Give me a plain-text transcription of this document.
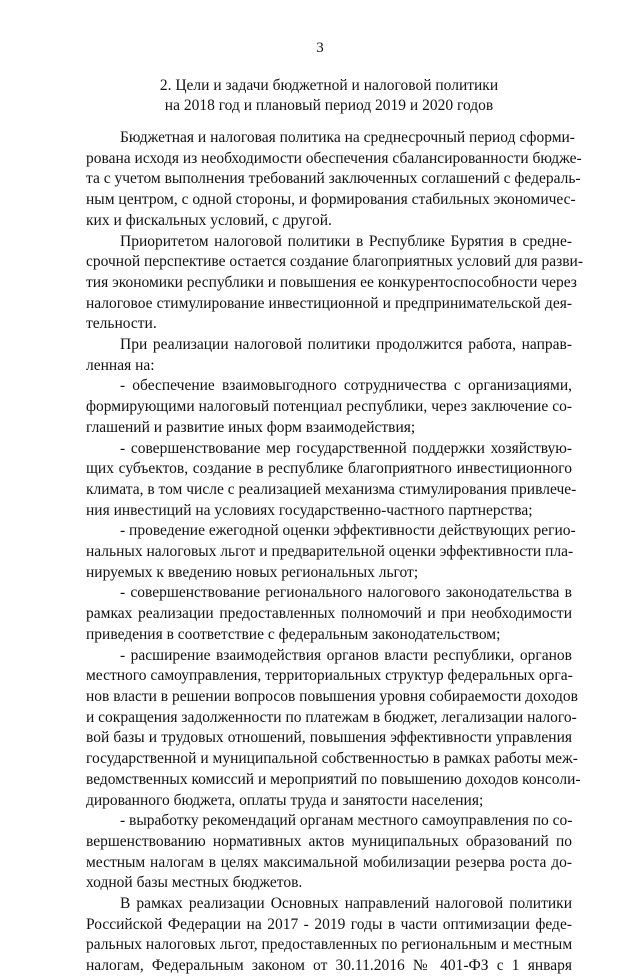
3
2. Цели и задачи бюджетной и налоговой политики
на 2018 год и плановый период 2019 и 2020 годов
Бюджетная и налоговая политика на среднесрочный период сформи-
рована исходя из необходимости обеспечения сбалансированности бюдже-
та с учетом выполнения требований заключенных соглашений с федераль-
ным центром, с одной стороны, и формирования стабильных экономичес-
ких и фискальных условий, с другой.
Приоритетом налоговой политики в Республике Бурятия в средне-
срочной перспективе остается создание благоприятных условий для разви-
тия экономики республики и повышения ее конкурентоспособности через
налоговое стимулирование инвестиционной и предпринимательской дея-
тельности.
При реализации налоговой политики продолжится работа, направ-
ленная на:
- обеспечение взаимовыгодного сотрудничества с организациями,
формирующими налоговый потенциал республики, через заключение со-
глашений и развитие иных форм взаимодействия;
- совершенствование мер государственной поддержки хозяйствую-
щих субъектов, создание в республике благоприятного инвестиционного
климата, в том числе с реализацией механизма стимулирования привлече-
ния инвестиций на условиях государственно-частного партнерства;
- проведение ежегодной оценки эффективности действующих регио-
нальных налоговых льгот и предварительной оценки эффективности пла-
нируемых к введению новых региональных льгот;
- совершенствование регионального налогового законодательства в
рамках реализации предоставленных полномочий и при необходимости
приведения в соответствие с федеральным законодательством;
- расширение взаимодействия органов власти республики, органов
местного самоуправления, территориальных структур федеральных орга-
нов власти в решении вопросов повышения уровня собираемости доходов
и сокращения задолженности по платежам в бюджет, легализации налого-
вой базы и трудовых отношений, повышения эффективности управления
государственной и муниципальной собственностью в рамках работы меж-
ведомственных комиссий и мероприятий по повышению доходов консоли-
дированного бюджета, оплаты труда и занятости населения;
- выработку рекомендаций органам местного самоуправления по со-
вершенствованию нормативных актов муниципальных образований по
местным налогам в целях максимальной мобилизации резерва роста до-
ходной базы местных бюджетов.
В рамках реализации Основных направлений налоговой политики
Российской Федерации на 2017 - 2019 годы в части оптимизации феде-
ральных налоговых льгот, предоставленных по региональным и местным
налогам, Федеральным законом от 30.11.2016 № 401-ФЗ с 1 января
